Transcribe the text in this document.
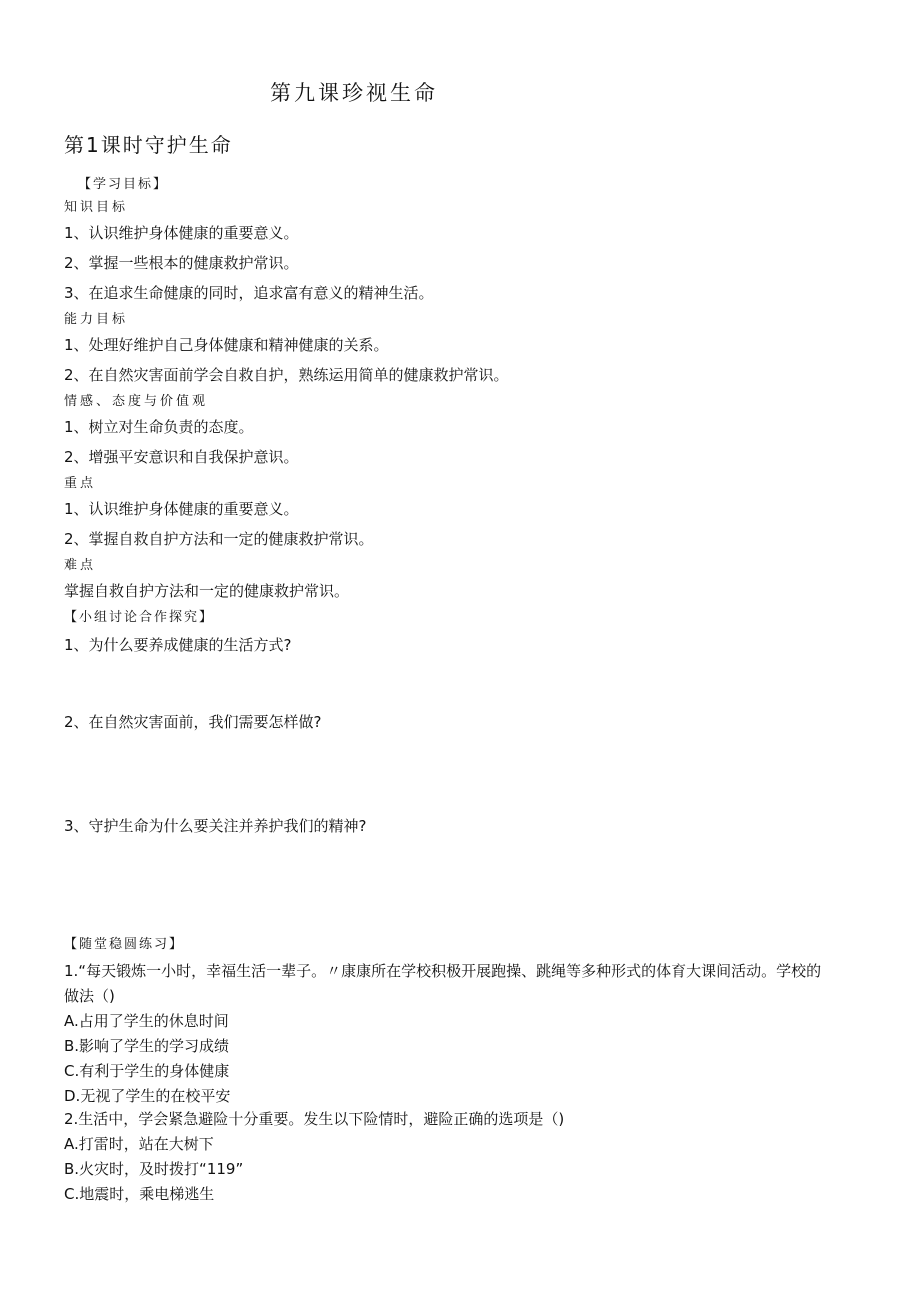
第九课珍视生命
第1课时守护生命
【学习目标】
知识目标
1、认识维护身体健康的重要意义。
2、掌握一些根本的健康救护常识。
3、在追求生命健康的同时，追求富有意义的精神生活。
能力目标
1、处理好维护自己身体健康和精神健康的关系。
2、在自然灾害面前学会自救自护，熟练运用简单的健康救护常识。
情感、态度与价值观
1、树立对生命负责的态度。
2、增强平安意识和自我保护意识。
重点
1、认识维护身体健康的重要意义。
2、掌握自救自护方法和一定的健康救护常识。
难点
掌握自救自护方法和一定的健康救护常识。
【小组讨论合作探究】
1、为什么要养成健康的生活方式?
2、在自然灾害面前，我们需要怎样做?
3、守护生命为什么要关注并养护我们的精神?
【随堂稳圆练习】
1.“每天锻炼一小时，幸福生活一辈子。〃康康所在学校积极开展跑操、跳绳等多种形式的体育大课间活动。学校的
做法（)
A.占用了学生的休息时间
B.影响了学生的学习成绩
C.有利于学生的身体健康
D.无视了学生的在校平安
2.生活中，学会紧急避险十分重要。发生以下险情时，避险正确的选项是（)
A.打雷时，站在大树下
B.火灾时，及时拨打“119”
C.地震时，乘电梯逃生
